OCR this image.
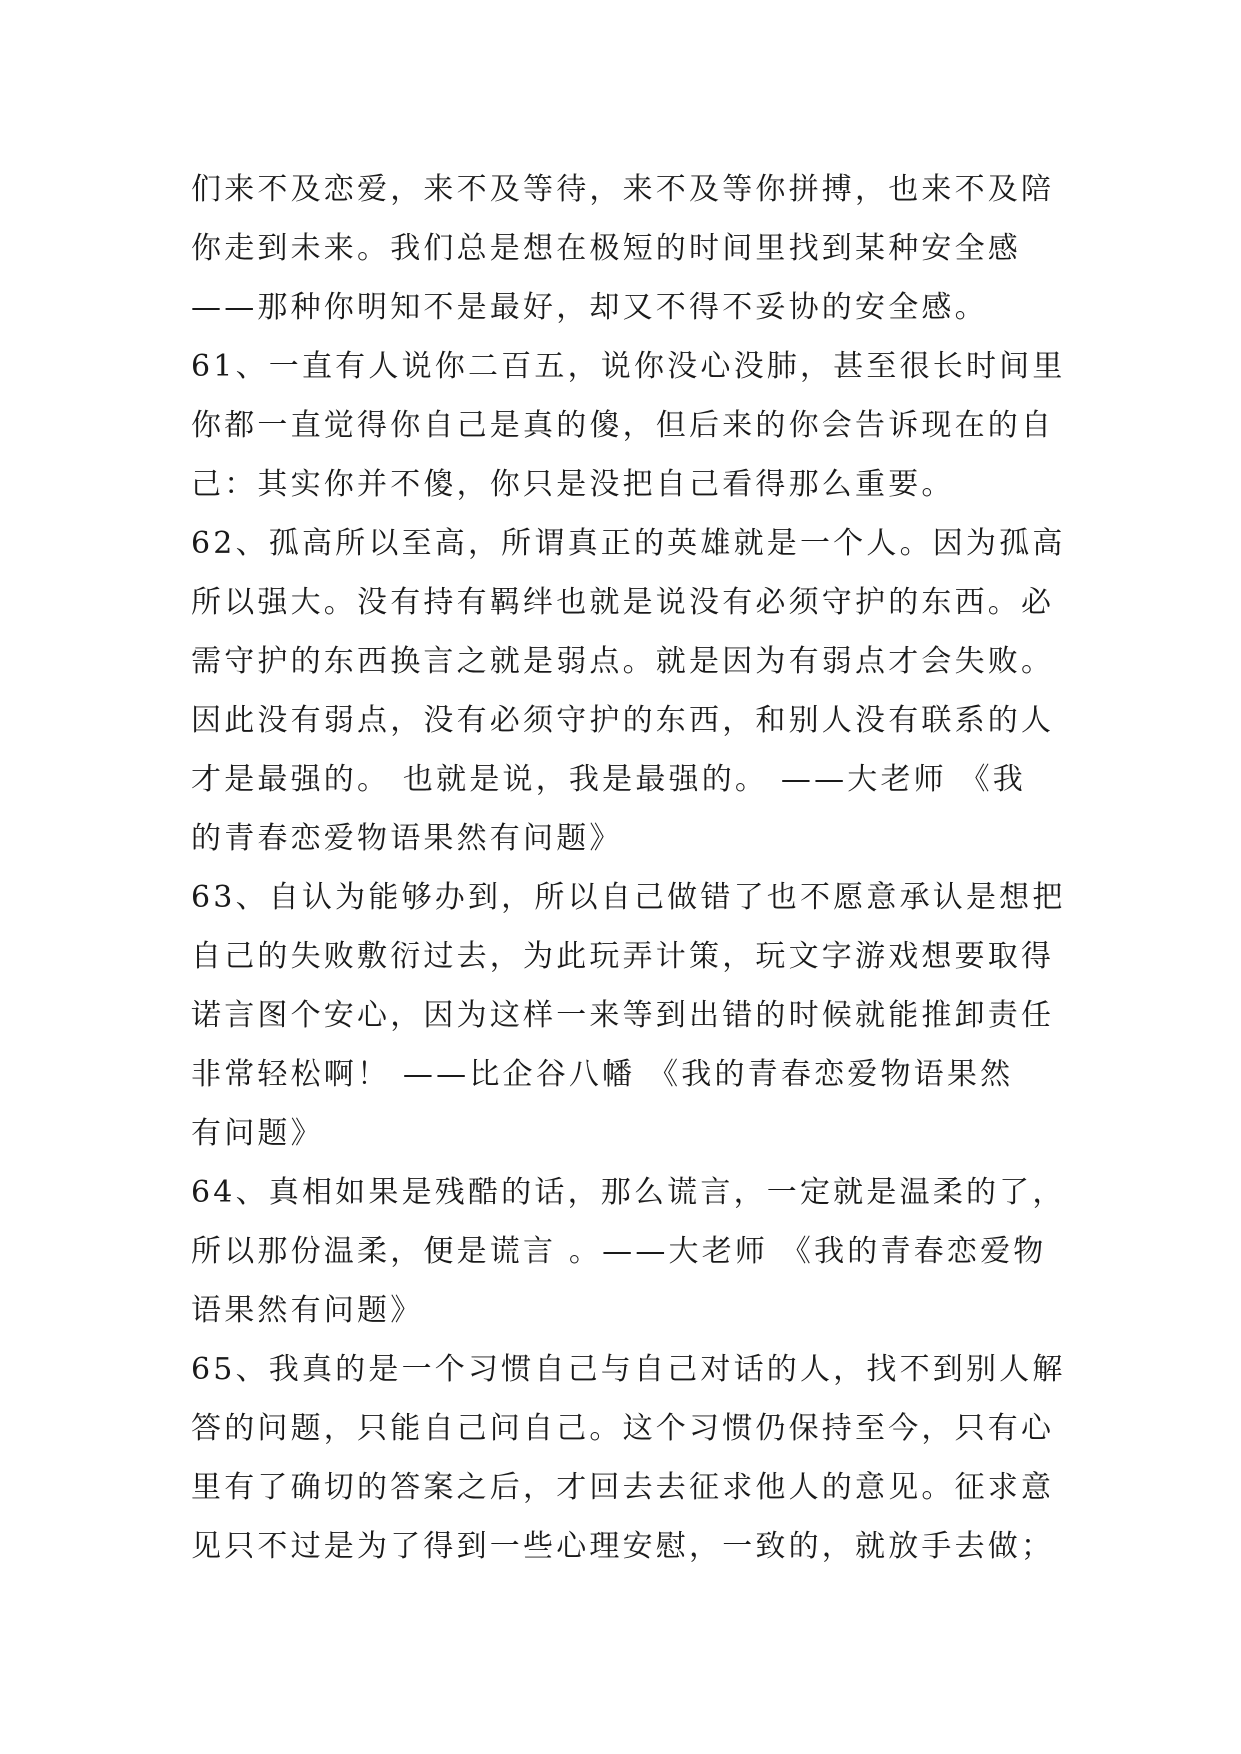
们来不及恋爱，来不及等待，来不及等你拼搏，也来不及陪
你走到未来。我们总是想在极短的时间里找到某种安全感
——那种你明知不是最好，却又不得不妥协的安全感。
61、一直有人说你二百五，说你没心没肺，甚至很长时间里
你都一直觉得你自己是真的傻，但后来的你会告诉现在的自
己：其实你并不傻，你只是没把自己看得那么重要。
62、孤高所以至高，所谓真正的英雄就是一个人。因为孤高
所以强大。没有持有羁绊也就是说没有必须守护的东西。必
需守护的东西换言之就是弱点。就是因为有弱点才会失败。
因此没有弱点，没有必须守护的东西，和别人没有联系的人
才是最强的。 也就是说，我是最强的。 ——大老师 《我
的青春恋爱物语果然有问题》
63、自认为能够办到，所以自己做错了也不愿意承认是想把
自己的失败敷衍过去，为此玩弄计策，玩文字游戏想要取得
诺言图个安心，因为这样一来等到出错的时候就能推卸责任
非常轻松啊！ ——比企谷八幡 《我的青春恋爱物语果然
有问题》
64、真相如果是残酷的话，那么谎言，一定就是温柔的了，
所以那份温柔，便是谎言 。——大老师 《我的青春恋爱物
语果然有问题》
65、我真的是一个习惯自己与自己对话的人，找不到别人解
答的问题，只能自己问自己。这个习惯仍保持至今，只有心
里有了确切的答案之后，才回去去征求他人的意见。征求意
见只不过是为了得到一些心理安慰，一致的，就放手去做；
